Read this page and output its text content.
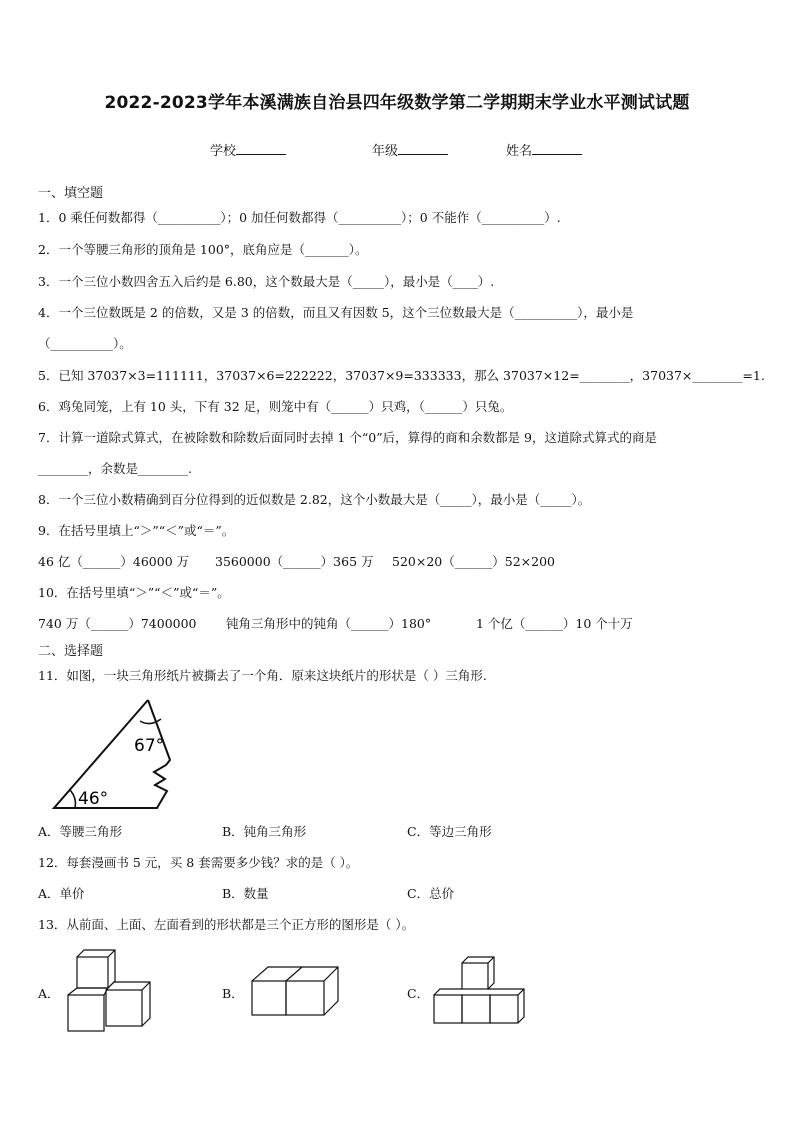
2022-2023学年本溪满族自治县四年级数学第二学期期末学业水平测试试题
学校	年级	姓名
一、填空题
1．0 乘任何数都得（__________）；0 加任何数都得（__________）；0 不能作（__________）.
2．一个等腰三角形的顶角是 100°，底角应是（_______）。
3．一个三位小数四舍五入后约是 6.80，这个数最大是（_____），最小是（____）.
4．一个三位数既是 2 的倍数，又是 3 的倍数，而且又有因数 5，这个三位数最大是（__________），最小是
（__________）。
5．已知 37037×3=111111，37037×6=222222，37037×9=333333，那么 37037×12=________，37037×________=1.
6．鸡兔同笼，上有 10 头，下有 32 足，则笼中有（______）只鸡，（______）只兔。
7．计算一道除式算式，在被除数和除数后面同时去掉 1 个“0”后，算得的商和余数都是 9，这道除式算式的商是
________，余数是________.
8．一个三位小数精确到百分位得到的近似数是 2.82，这个小数最大是（_____），最小是（_____）。
9．在括号里填上“＞”“＜”或“＝”。
46 亿（______）46000 万 3560000（______）365 万 520×20（______）52×200
10．在括号里填“＞”“＜”或“＝”。
740 万（______）7400000 钝角三角形中的钝角（______）180°	1 个亿（______）10 个十万
二、选择题
11．如图，一块三角形纸片被撕去了一个角．原来这块纸片的形状是（ ）三角形.
67°
46°
A．等腰三角形	B．钝角三角形	C．等边三角形
12．每套漫画书 5 元，买 8 套需要多少钱？求的是（ ）。
A．单价	B．数量	C．总价
13．从前面、上面、左面看到的形状都是三个正方形的图形是（ ）。
A．	B．	C．
